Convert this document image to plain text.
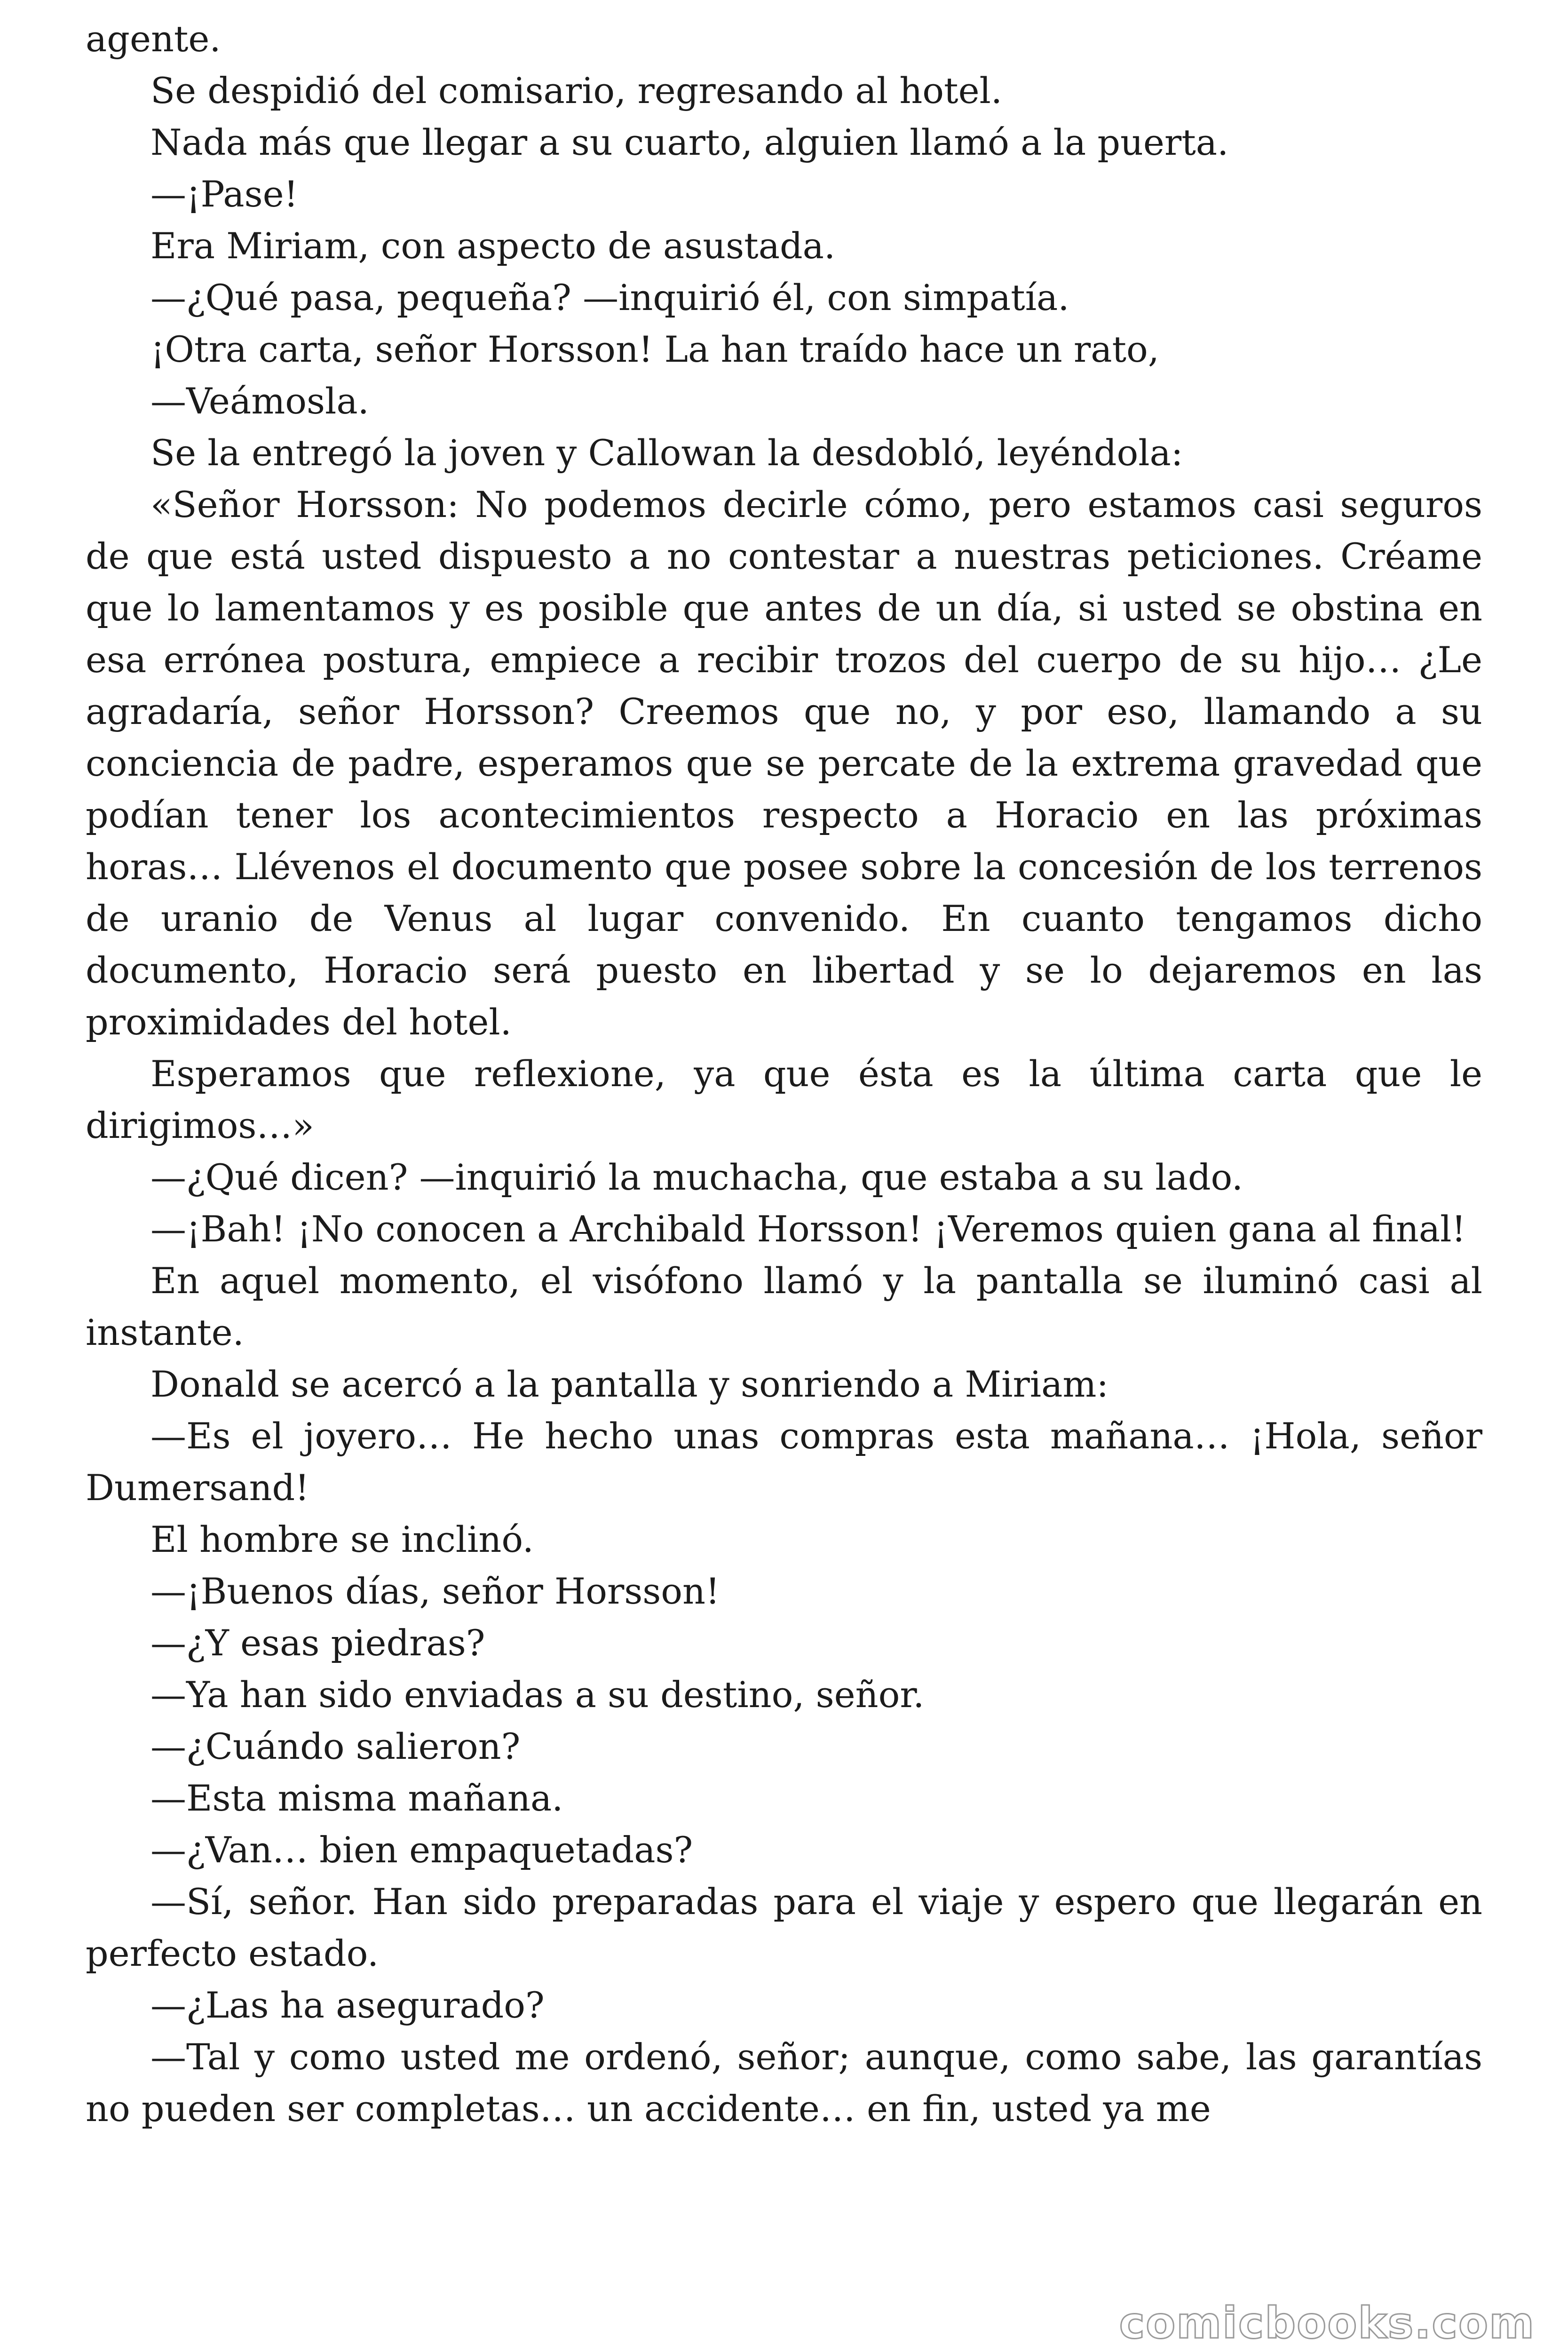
agente.

Se despidió del comisario, regresando al hotel.

Nada más que llegar a su cuarto, alguien llamó a la puerta.

—¡Pase!

Era Miriam, con aspecto de asustada.

—¿Qué pasa, pequeña? —inquirió él, con simpatía.

¡Otra carta, señor Horsson! La han traído hace un rato,

—Veámosla.

Se la entregó la joven y Callowan la desdobló, leyéndola:

«Señor Horsson: No podemos decirle cómo, pero estamos casi seguros de que está usted dispuesto a no contestar a nuestras peticiones. Créame que lo lamentamos y es posible que antes de un día, si usted se obstina en esa errónea postura, empiece a recibir trozos del cuerpo de su hijo… ¿Le agradaría, señor Horsson? Creemos que no, y por eso, llamando a su conciencia de padre, esperamos que se percate de la extrema gravedad que podían tener los acontecimientos respecto a Horacio en las próximas horas… Llévenos el documento que posee sobre la concesión de los terrenos de uranio de Venus al lugar convenido. En cuanto tengamos dicho documento, Horacio será puesto en libertad y se lo dejaremos en las proximidades del hotel.

Esperamos que reflexione, ya que ésta es la última carta que le dirigimos…»

—¿Qué dicen? —inquirió la muchacha, que estaba a su lado.

—¡Bah! ¡No conocen a Archibald Horsson! ¡Veremos quien gana al final!

En aquel momento, el visófono llamó y la pantalla se iluminó casi al instante.

Donald se acercó a la pantalla y sonriendo a Miriam:

—Es el joyero… He hecho unas compras esta mañana… ¡Hola, señor Dumersand!

El hombre se inclinó.

—¡Buenos días, señor Horsson!

—¿Y esas piedras?

—Ya han sido enviadas a su destino, señor.

—¿Cuándo salieron?

—Esta misma mañana.

—¿Van… bien empaquetadas?

—Sí, señor. Han sido preparadas para el viaje y espero que llegarán en perfecto estado.

—¿Las ha asegurado?

—Tal y como usted me ordenó, señor; aunque, como sabe, las garantías no pueden ser completas… un accidente… en fin, usted ya me

comicbooks.com
